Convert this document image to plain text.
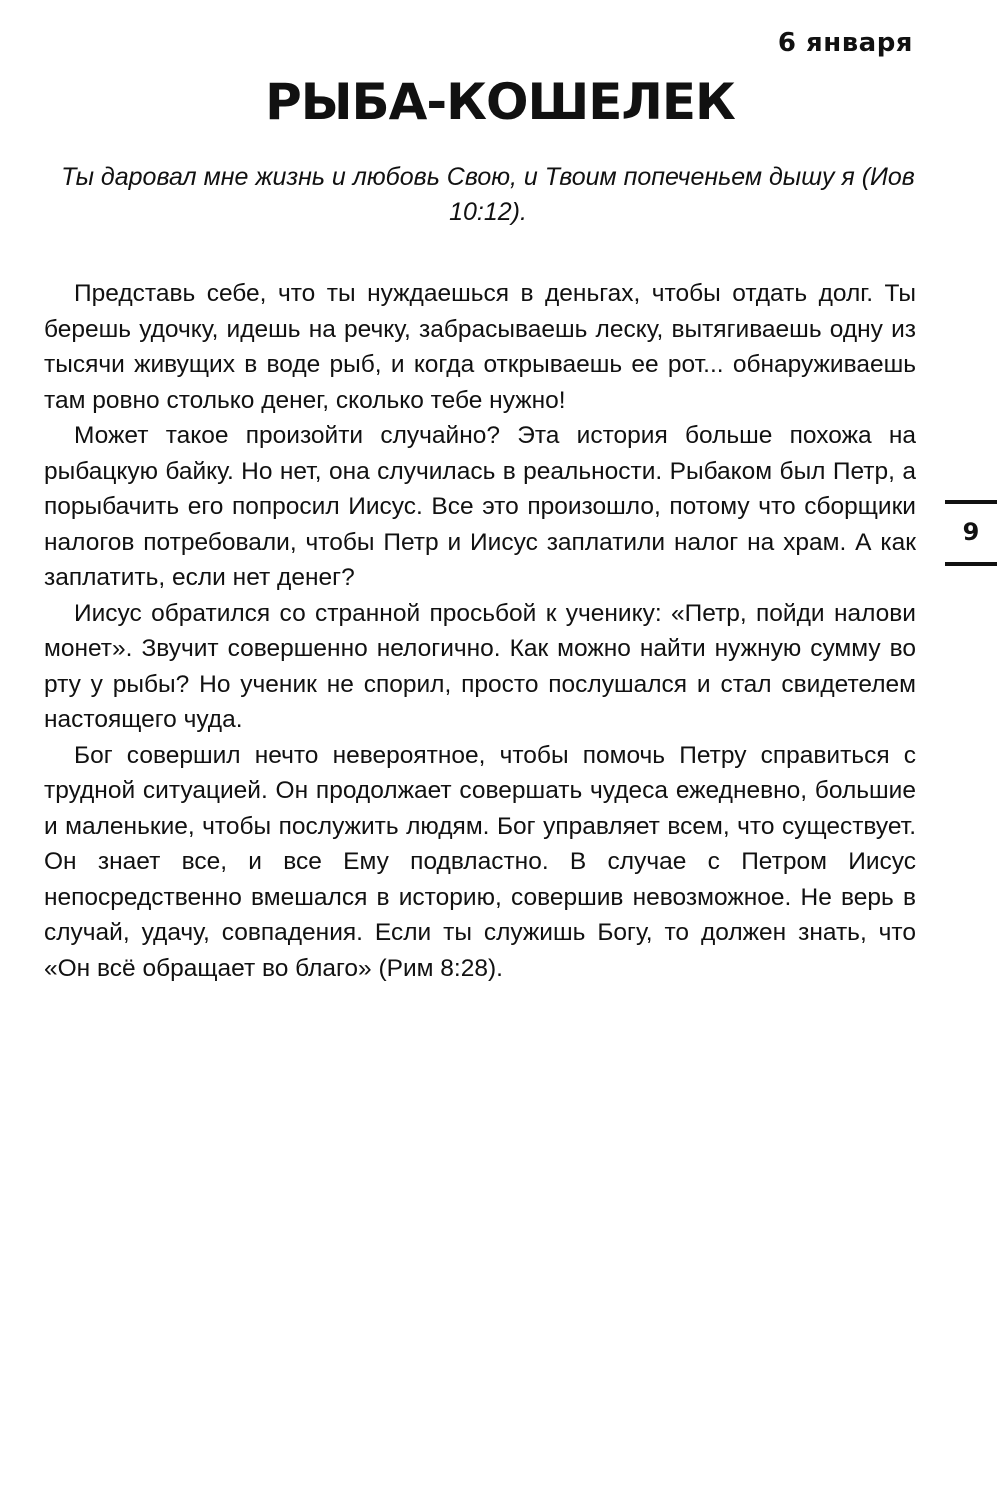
6 января
РЫБА-КОШЕЛЕК
Ты даровал мне жизнь и любовь Свою, и Твоим попеченьем дышу я (Иов 10:12).

Представь себе, что ты нуждаешься в деньгах, чтобы отдать долг. Ты берешь удочку, идешь на речку, забрасываешь леску, вытягиваешь одну из тысячи живущих в воде рыб, и когда открываешь ее рот... обнаруживаешь там ровно столько денег, сколько тебе нужно!

Может такое произойти случайно? Эта история больше похожа на рыбацкую байку. Но нет, она случилась в реальности. Рыбаком был Петр, а порыбачить его попросил Иисус. Все это произошло, потому что сборщики налогов потребовали, чтобы Петр и Иисус заплатили налог на храм. А как заплатить, если нет денег?

Иисус обратился со странной просьбой к ученику: «Петр, пойди налови монет». Звучит совершенно нелогично. Как можно найти нужную сумму во рту у рыбы? Но ученик не спорил, просто послушался и стал свидетелем настоящего чуда.

Бог совершил нечто невероятное, чтобы помочь Петру справиться с трудной ситуацией. Он продолжает совершать чудеса ежедневно, большие и маленькие, чтобы послужить людям. Бог управляет всем, что существует. Он знает все, и все Ему подвластно. В случае с Петром Иисус непосредственно вмешался в историю, совершив невозможное. Не верь в случай, удачу, совпадения. Если ты служишь Богу, то должен знать, что «Он всё обращает во благо» (Рим 8:28).

9
